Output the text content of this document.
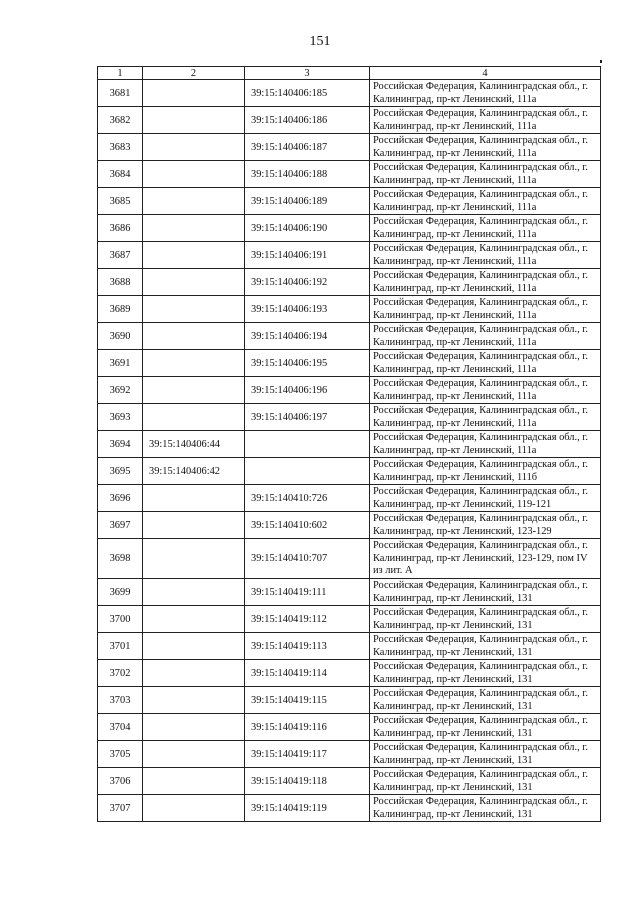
151
1	2	3	4
3681		39:15:140406:185	Российская Федерация, Калининградская обл., г. Калининград, пр-кт Ленинский, 111а
3682		39:15:140406:186	Российская Федерация, Калининградская обл., г. Калининград, пр-кт Ленинский, 111а
3683		39:15:140406:187	Российская Федерация, Калининградская обл., г. Калининград, пр-кт Ленинский, 111а
3684		39:15:140406:188	Российская Федерация, Калининградская обл., г. Калининград, пр-кт Ленинский, 111а
3685		39:15:140406:189	Российская Федерация, Калининградская обл., г. Калининград, пр-кт Ленинский, 111а
3686		39:15:140406:190	Российская Федерация, Калининградская обл., г. Калининград, пр-кт Ленинский, 111а
3687		39:15:140406:191	Российская Федерация, Калининградская обл., г. Калининград, пр-кт Ленинский, 111а
3688		39:15:140406:192	Российская Федерация, Калининградская обл., г. Калининград, пр-кт Ленинский, 111а
3689		39:15:140406:193	Российская Федерация, Калининградская обл., г. Калининград, пр-кт Ленинский, 111а
3690		39:15:140406:194	Российская Федерация, Калининградская обл., г. Калининград, пр-кт Ленинский, 111а
3691		39:15:140406:195	Российская Федерация, Калининградская обл., г. Калининград, пр-кт Ленинский, 111а
3692		39:15:140406:196	Российская Федерация, Калининградская обл., г. Калининград, пр-кт Ленинский, 111а
3693		39:15:140406:197	Российская Федерация, Калининградская обл., г. Калининград, пр-кт Ленинский, 111а
3694	39:15:140406:44		Российская Федерация, Калининградская обл., г. Калининград, пр-кт Ленинский, 111а
3695	39:15:140406:42		Российская Федерация, Калининградская обл., г. Калининград, пр-кт Ленинский, 111б
3696		39:15:140410:726	Российская Федерация, Калининградская обл., г. Калининград, пр-кт Ленинский, 119-121
3697		39:15:140410:602	Российская Федерация, Калининградская обл., г. Калининград, пр-кт Ленинский, 123-129
3698		39:15:140410:707	Российская Федерация, Калининградская обл., г. Калининград, пр-кт Ленинский, 123-129, пом IV из лит. А
3699		39:15:140419:111	Российская Федерация, Калининградская обл., г. Калининград, пр-кт Ленинский, 131
3700		39:15:140419:112	Российская Федерация, Калининградская обл., г. Калининград, пр-кт Ленинский, 131
3701		39:15:140419:113	Российская Федерация, Калининградская обл., г. Калининград, пр-кт Ленинский, 131
3702		39:15:140419:114	Российская Федерация, Калининградская обл., г. Калининград, пр-кт Ленинский, 131
3703		39:15:140419:115	Российская Федерация, Калининградская обл., г. Калининград, пр-кт Ленинский, 131
3704		39:15:140419:116	Российская Федерация, Калининградская обл., г. Калининград, пр-кт Ленинский, 131
3705		39:15:140419:117	Российская Федерация, Калининградская обл., г. Калининград, пр-кт Ленинский, 131
3706		39:15:140419:118	Российская Федерация, Калининградская обл., г. Калининград, пр-кт Ленинский, 131
3707		39:15:140419:119	Российская Федерация, Калининградская обл., г. Калининград, пр-кт Ленинский, 131
